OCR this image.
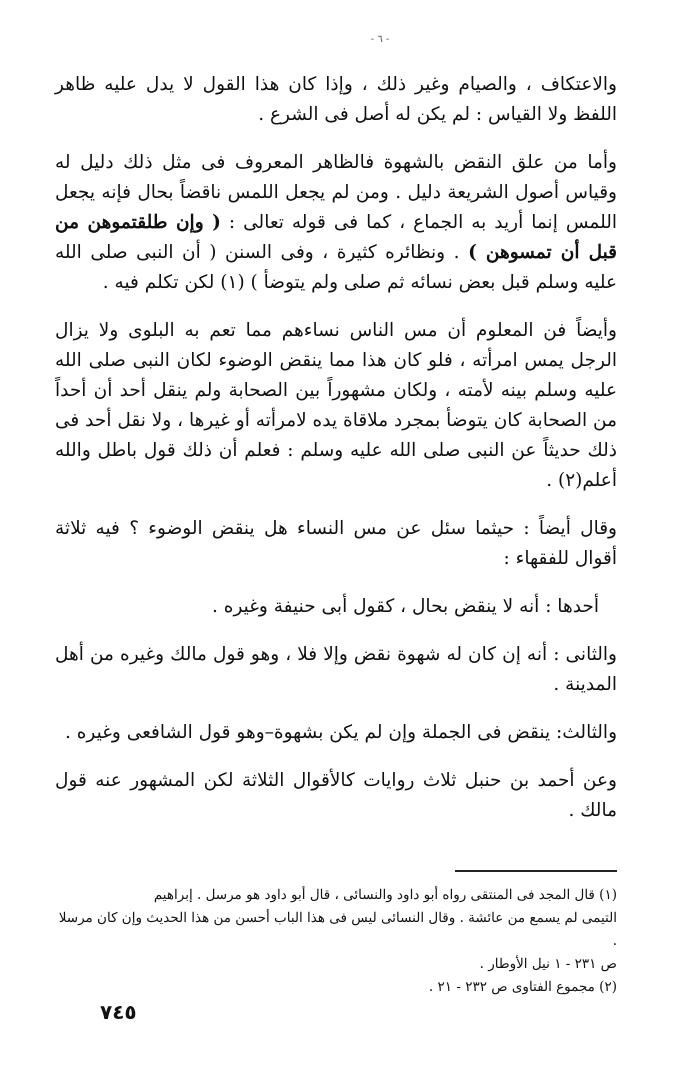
- ٦ -

والاعتكاف ، والصيام وغير ذلك ، وإذا كان هذا القول لا يدل عليه ظاهر اللفظ ولا القياس : لم يكن له أصل فى الشرع .

وأما من علق النقض بالشهوة فالظاهر المعروف فى مثل ذلك دليل له وقياس أصول الشريعة دليل . ومن لم يجعل اللمس ناقضاً بحال فإنه يجعل اللمس إنما أريد به الجماع ، كما فى قوله تعالى : ( وإن طلقتموهن من قبل أن تمسوهن ) . ونظائره كثيرة ، وفى السنن ( أن النبى صلى الله عليه وسلم قبل بعض نسائه ثم صلى ولم يتوضأ ) (١) لكن تكلم فيه .

وأيضاً فن المعلوم أن مس الناس نساءهم مما تعم به البلوى ولا يزال الرجل يمس امرأته ، فلو كان هذا مما ينقض الوضوء لكان النبى صلى الله عليه وسلم بينه لأمته ، ولكان مشهوراً بين الصحابة ولم ينقل أحد أن أحداً من الصحابة كان يتوضأ بمجرد ملاقاة يده لامرأته أو غيرها ، ولا نقل أحد فى ذلك حديثاً عن النبى صلى الله عليه وسلم : فعلم أن ذلك قول باطل والله أعلم(٢) .

وقال أيضاً : حيثما سئل عن مس النساء هل ينقض الوضوء ؟ فيه ثلاثة أقوال للفقهاء :

أحدها : أنه لا ينقض بحال ، كقول أبى حنيفة وغيره .

والثانى : أنه إن كان له شهوة نقض وإلا فلا ، وهو قول مالك وغيره من أهل المدينة .

والثالث: ينقض فى الجملة وإن لم يكن بشهوة–وهو قول الشافعى وغيره .

وعن أحمد بن حنبل ثلاث روايات كالأقوال الثلاثة لكن المشهور عنه قول مالك .

(١) قال المجد فى المنتقى رواه أبو داود والنسائى ، قال أبو داود هو مرسل . إبراهيم

التيمى لم يسمع من عائشة . وقال النسائى ليس فى هذا الباب أحسن من هذا الحديث وإن كان مرسلا .

ص ٢٣١ - ١ نيل الأوطار .

(٢) مجموع الفتاوى ص ٢٣٢ - ٢١ .

٧٤٥
